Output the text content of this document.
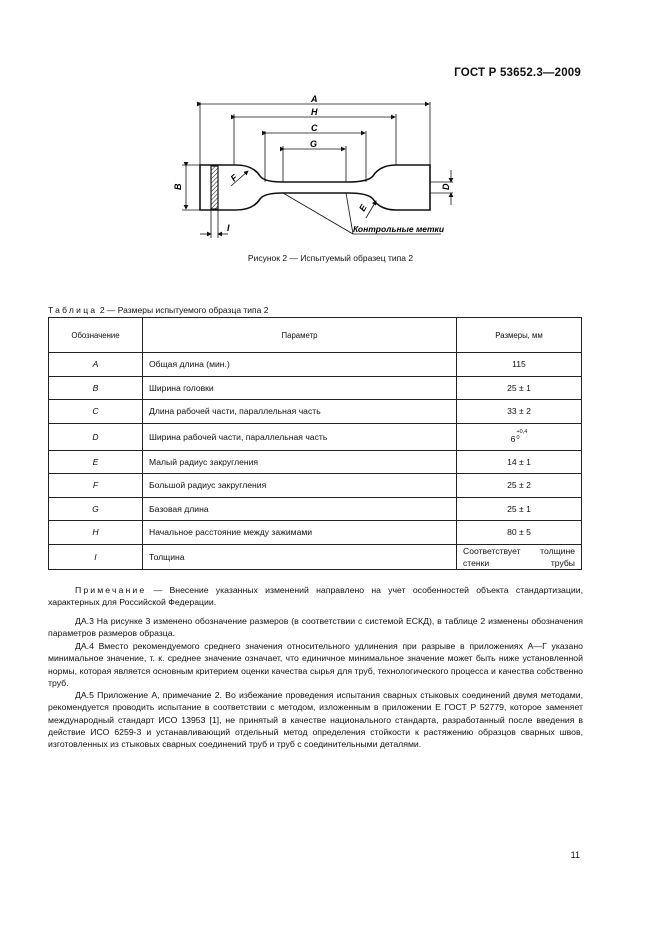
ГОСТ Р 53652.3—2009
A
H
C
G
B	D
F
E
I	Контрольные метки
Рисунок 2 — Испытуемый образец типа 2
Таблица 2 — Размеры испытуемого образца типа 2
Обозначение	Параметр	Размеры, мм
A	Общая длина (мин.)	115
B	Ширина головки	25 ± 1
C	Длина рабочей части, параллельная часть	33 ± 2
D	Ширина рабочей части, параллельная часть	$6^{+0,4 0}$
E	Малый радиус закругления	14 ± 1
F	Большой радиус закругления	25 ± 2
G	Базовая длина	25 ± 1
H	Начальное расстояние между зажимами	80 ± 5
I	Толщина	Соответствует толщине стенки трубы

Примечание — Внесение указанных изменений направлено на учет особенностей объекта стандартизации, характерных для Российской Федерации.

ДА.3 На рисунке 3 изменено обозначение размеров (в соответствии с системой ЕСКД), в таблице 2 изменены обозначения параметров размеров образца.

ДА.4 Вместо рекомендуемого среднего значения относительного удлинения при разрыве в приложениях А—Г указано минимальное значение, т. к. среднее значение означает, что единичное минимальное значение может быть ниже установленной нормы, которая является основным критерием оценки качества сырья для труб, технологического процесса и качества собственно труб.

ДА.5 Приложение А, примечание 2. Во избежание проведения испытания сварных стыковых соединений двумя методами, рекомендуется проводить испытание в соответствии с методом, изложенным в приложении Е ГОСТ Р 52779, которое заменяет международный стандарт ИСО 13953 [1], не принятый в качестве национального стандарта, разработанный после введения в действие ИСО 6259-3 и устанавливающий отдельный метод определения стойкости к растяжению образцов сварных швов, изготовленных из стыковых сварных соединений труб и труб с соединительными деталями.

11
